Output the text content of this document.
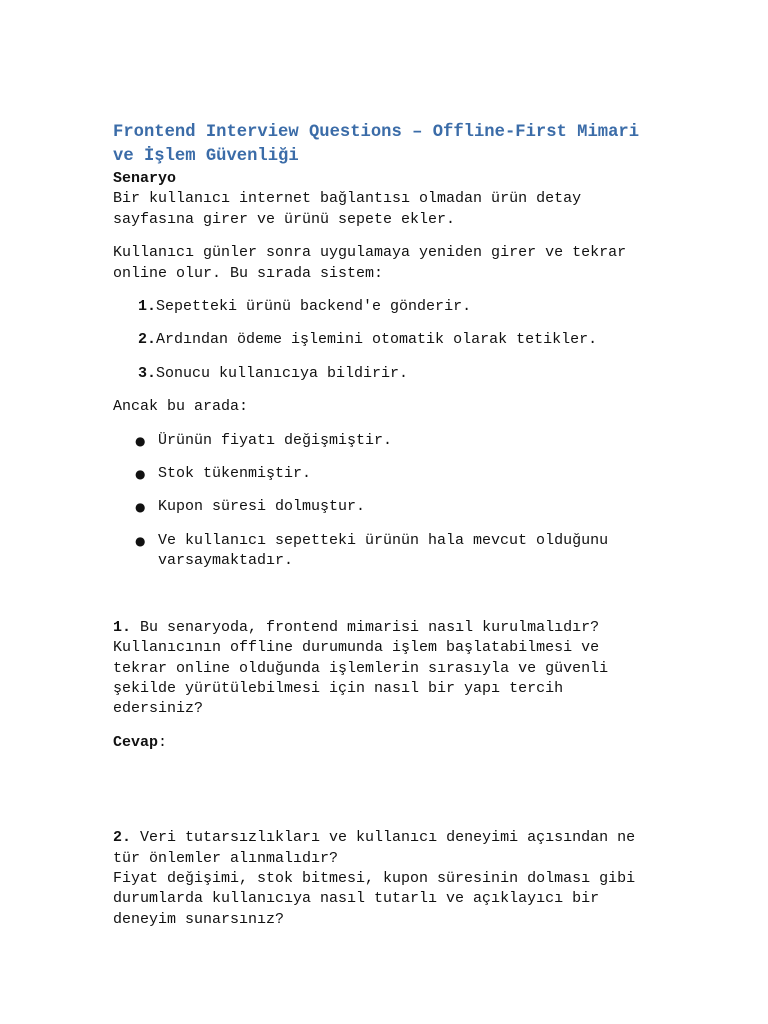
Frontend Interview Questions – Offline-First Mimari ve İşlem Güvenliği
Senaryo

Bir kullanıcı internet bağlantısı olmadan ürün detay sayfasına girer ve ürünü sepete ekler.

Kullanıcı günler sonra uygulamaya yeniden girer ve tekrar online olur. Bu sırada sistem:

1. Sepetteki ürünü backend'e gönderir.
2. Ardından ödeme işlemini otomatik olarak tetikler.
3. Sonucu kullanıcıya bildirir.

Ancak bu arada:

● Ürünün fiyatı değişmiştir.
● Stok tükenmiştir.
● Kupon süresi dolmuştur.
● Ve kullanıcı sepetteki ürünün hala mevcut olduğunu varsaymaktadır.

1. Bu senaryoda, frontend mimarisi nasıl kurulmalıdır? Kullanıcının offline durumunda işlem başlatabilmesi ve tekrar online olduğunda işlemlerin sırasıyla ve güvenli şekilde yürütülebilmesi için nasıl bir yapı tercih edersiniz?

Cevap:

2. Veri tutarsızlıkları ve kullanıcı deneyimi açısından ne tür önlemler alınmalıdır?
Fiyat değişimi, stok bitmesi, kupon süresinin dolması gibi durumlarda kullanıcıya nasıl tutarlı ve açıklayıcı bir deneyim sunarsınız?
